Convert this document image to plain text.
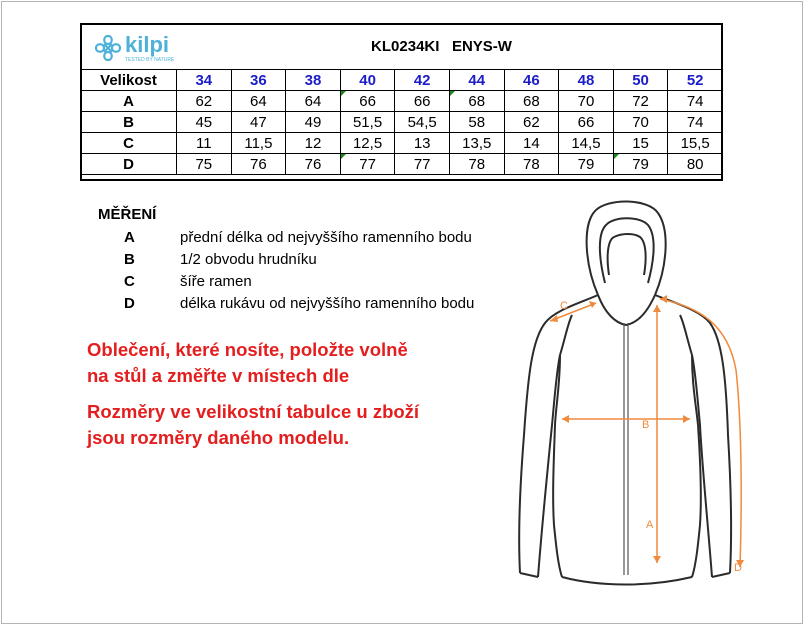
kilpi
TESTED BY NATURE
KL0234KI ENYS-W										

Velikost	34	36	38	40	42	44	46	48	50	52
A	62	64	64	66	66	68	68	70	72	74
B	45	47	49	51,5	54,5	58	62	66	70	74
C	11	11,5	12	12,5	13	13,5	14	14,5	15	15,5
D	75	76	76	77	77	78	78	79	79	80
MĚŘENÍ
A	přední délka od nejvyššího ramenního bodu
B	1/2 obvodu hrudníku
C	šíře ramen
D	délka rukávu od nejvyššího ramenního bodu
Oblečení, které nosíte, položte volně
na stůl a změřte v místech dle
Rozměry ve velikostní tabulce u zboží
jsou rozměry daného modelu.
C
B
A
D
